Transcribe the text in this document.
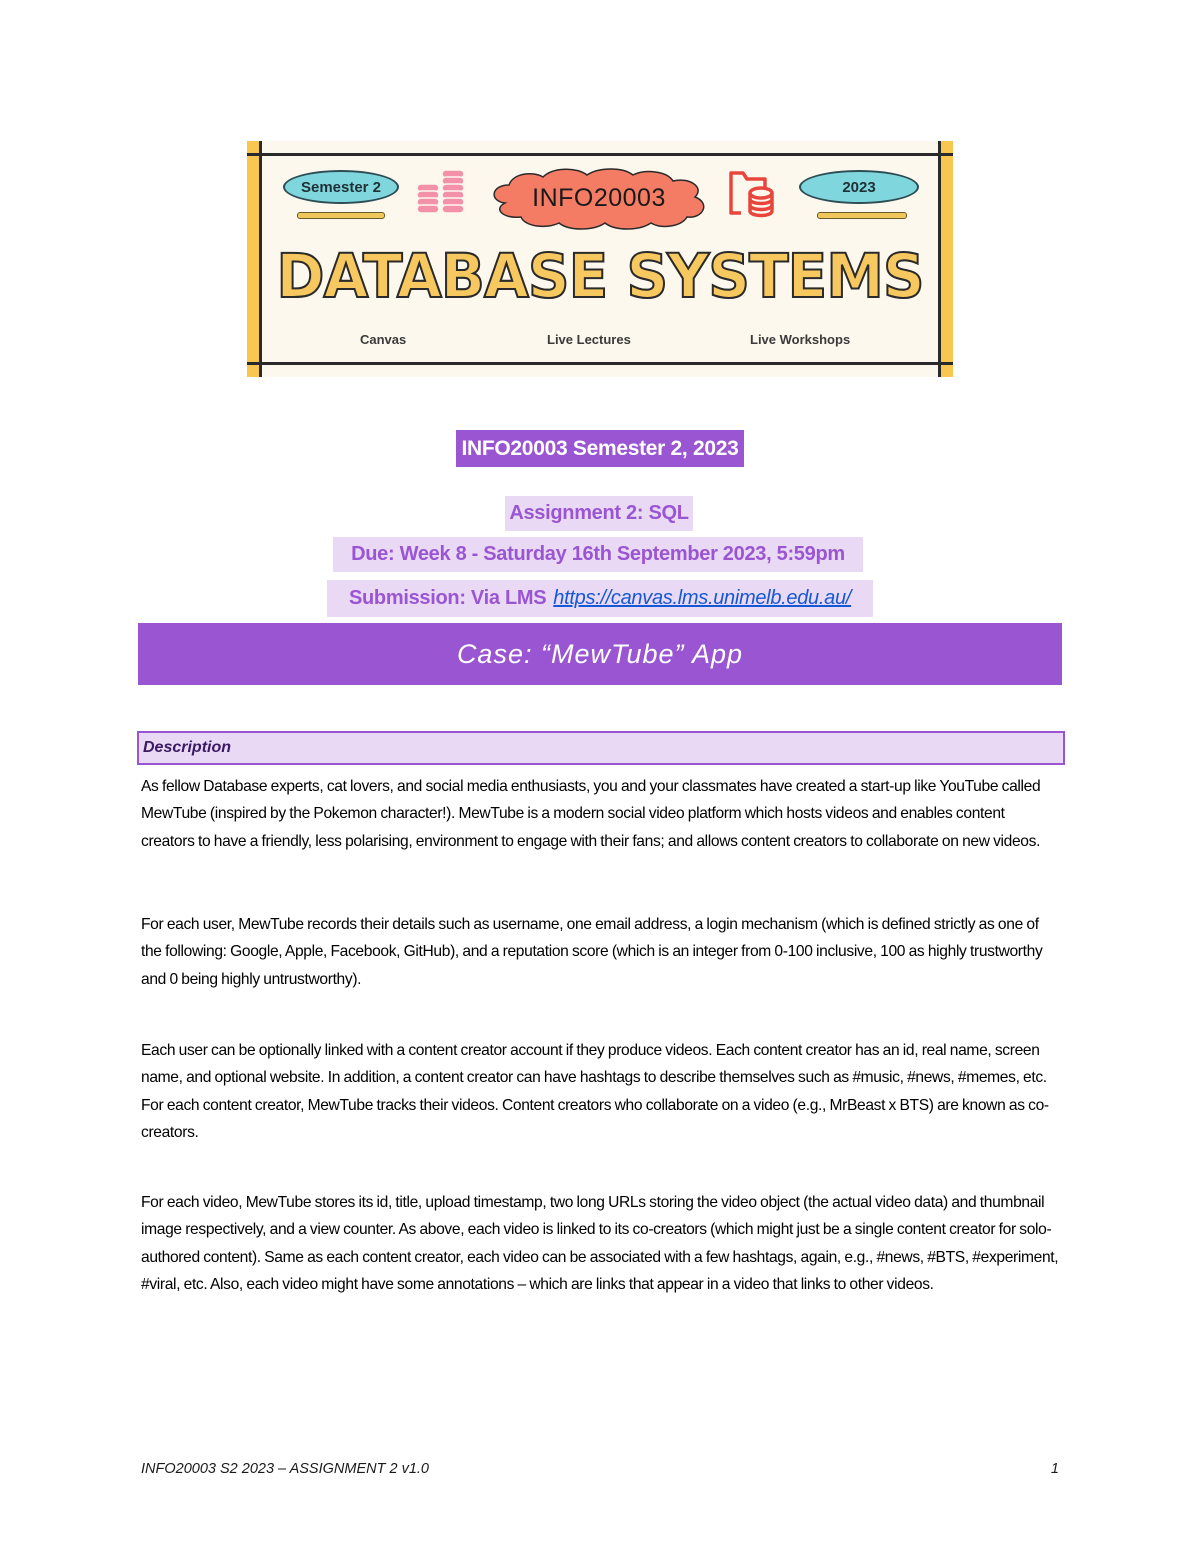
Semester 2	INFO20003	2023
DATABASE SYSTEMS
Canvas	Live Lectures	Live Workshops
INFO20003 Semester 2, 2023
Assignment 2: SQL
Due: Week 8 - Saturday 16th September 2023, 5:59pm
Submission: Via LMS https://canvas.lms.unimelb.edu.au/
Case: “MewTube” App
Description
As fellow Database experts, cat lovers, and social media enthusiasts, you and your classmates have created a start-up like YouTube called MewTube (inspired by the Pokemon character!). MewTube is a modern social video platform which hosts videos and enables content creators to have a friendly, less polarising, environment to engage with their fans; and allows content creators to collaborate on new videos.
For each user, MewTube records their details such as username, one email address, a login mechanism (which is defined strictly as one of the following: Google, Apple, Facebook, GitHub), and a reputation score (which is an integer from 0-100 inclusive, 100 as highly trustworthy and 0 being highly untrustworthy).
Each user can be optionally linked with a content creator account if they produce videos. Each content creator has an id, real name, screen name, and optional website. In addition, a content creator can have hashtags to describe themselves such as #music, #news, #memes, etc. For each content creator, MewTube tracks their videos. Content creators who collaborate on a video (e.g., MrBeast x BTS) are known as co-creators.
For each video, MewTube stores its id, title, upload timestamp, two long URLs storing the video object (the actual video data) and thumbnail image respectively, and a view counter. As above, each video is linked to its co-creators (which might just be a single content creator for solo-authored content). Same as each content creator, each video can be associated with a few hashtags, again, e.g., #news, #BTS, #experiment, #viral, etc. Also, each video might have some annotations – which are links that appear in a video that links to other videos.
INFO20003 S2 2023 – ASSIGNMENT 2 v1.0	1
